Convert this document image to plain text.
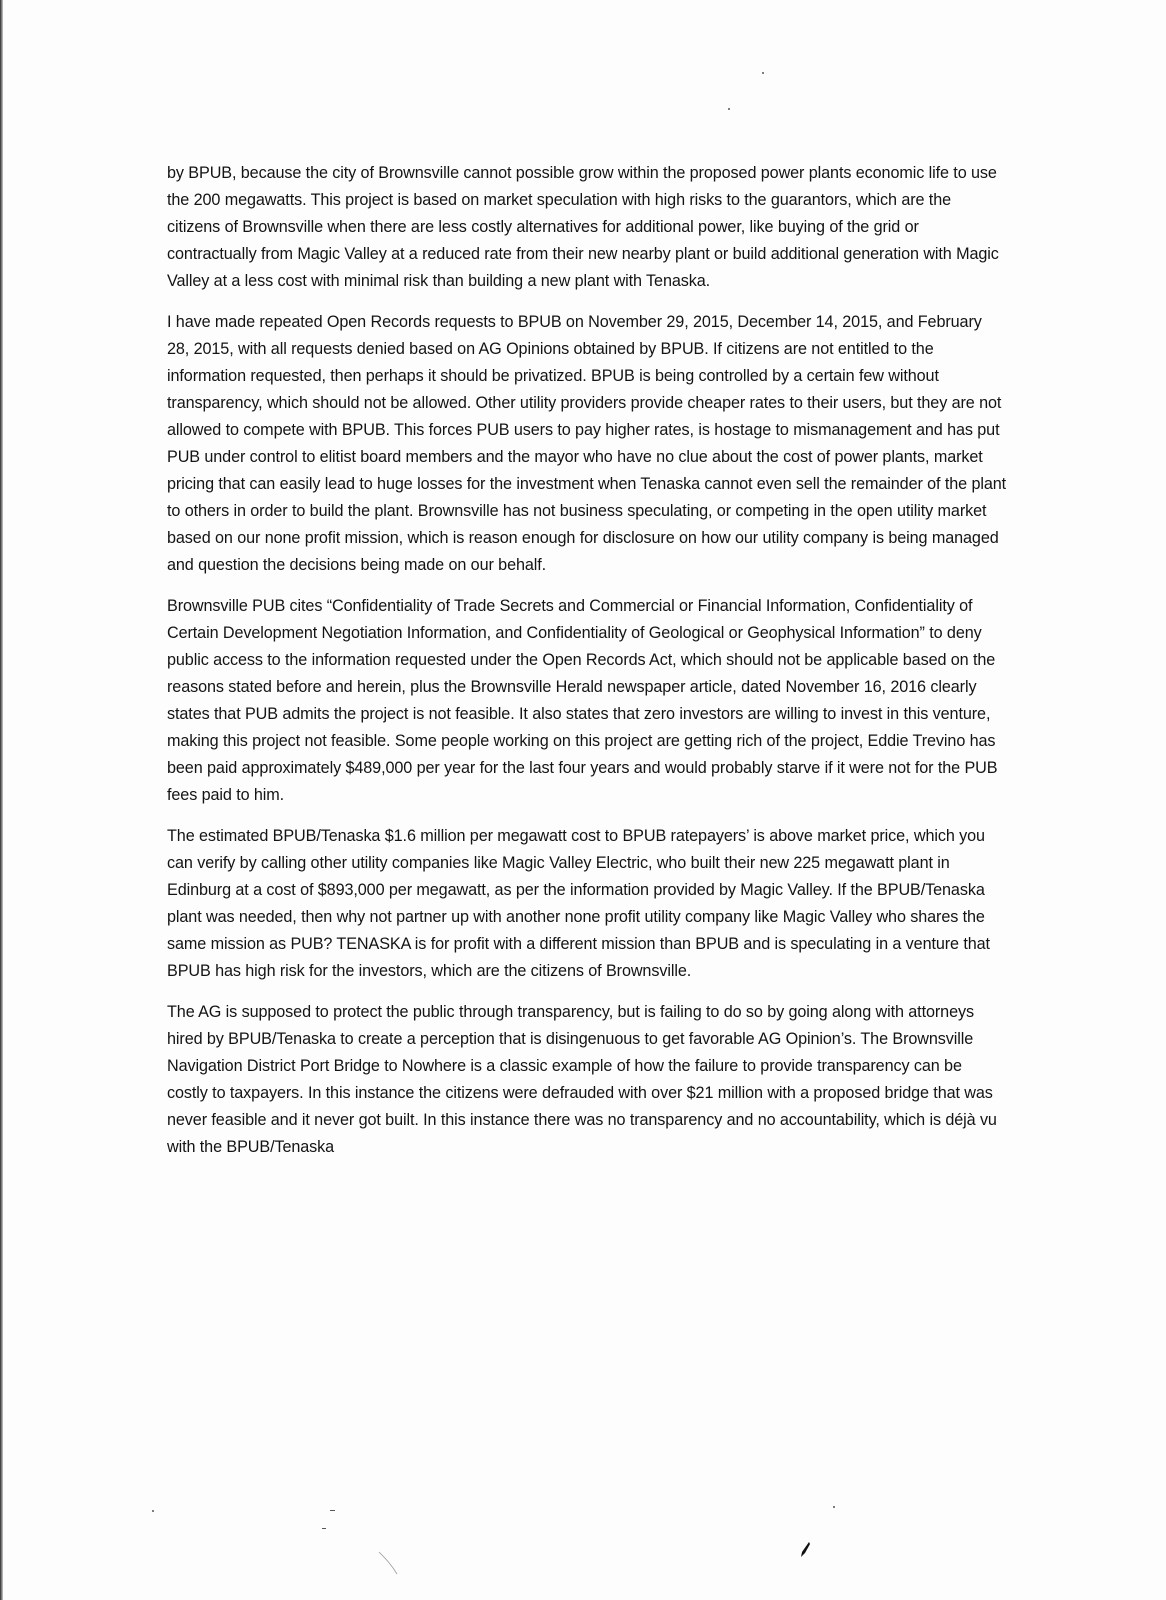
by BPUB, because the city of Brownsville cannot possible grow within the proposed power plants economic life to use the 200 megawatts. This project is based on market speculation with high risks to the guarantors, which are the citizens of Brownsville when there are less costly alternatives for additional power, like buying of the grid or contractually from Magic Valley at a reduced rate from their new nearby plant or build additional generation with Magic Valley at a less cost with minimal risk than building a new plant with Tenaska.

I have made repeated Open Records requests to BPUB on November 29, 2015, December 14, 2015, and February 28, 2015, with all requests denied based on AG Opinions obtained by BPUB. If citizens are not entitled to the information requested, then perhaps it should be privatized. BPUB is being controlled by a certain few without transparency, which should not be allowed. Other utility providers provide cheaper rates to their users, but they are not allowed to compete with BPUB. This forces PUB users to pay higher rates, is hostage to mismanagement and has put PUB under control to elitist board members and the mayor who have no clue about the cost of power plants, market pricing that can easily lead to huge losses for the investment when Tenaska cannot even sell the remainder of the plant to others in order to build the plant. Brownsville has not business speculating, or competing in the open utility market based on our none profit mission, which is reason enough for disclosure on how our utility company is being managed and question the decisions being made on our behalf.

Brownsville PUB cites “Confidentiality of Trade Secrets and Commercial or Financial Information, Confidentiality of Certain Development Negotiation Information, and Confidentiality of Geological or Geophysical Information” to deny public access to the information requested under the Open Records Act, which should not be applicable based on the reasons stated before and herein, plus the Brownsville Herald newspaper article, dated November 16, 2016 clearly states that PUB admits the project is not feasible. It also states that zero investors are willing to invest in this venture, making this project not feasible. Some people working on this project are getting rich of the project, Eddie Trevino has been paid approximately $489,000 per year for the last four years and would probably starve if it were not for the PUB fees paid to him.

The estimated BPUB/Tenaska $1.6 million per megawatt cost to BPUB ratepayers’ is above market price, which you can verify by calling other utility companies like Magic Valley Electric, who built their new 225 megawatt plant in Edinburg at a cost of $893,000 per megawatt, as per the information provided by Magic Valley. If the BPUB/Tenaska plant was needed, then why not partner up with another none profit utility company like Magic Valley who shares the same mission as PUB? TENASKA is for profit with a different mission than BPUB and is speculating in a venture that BPUB has high risk for the investors, which are the citizens of Brownsville.

The AG is supposed to protect the public through transparency, but is failing to do so by going along with attorneys hired by BPUB/Tenaska to create a perception that is disingenuous to get favorable AG Opinion’s. The Brownsville Navigation District Port Bridge to Nowhere is a classic example of how the failure to provide transparency can be costly to taxpayers. In this instance the citizens were defrauded with over $21 million with a proposed bridge that was never feasible and it never got built. In this instance there was no transparency and no accountability, which is déjà vu with the BPUB/Tenaska
